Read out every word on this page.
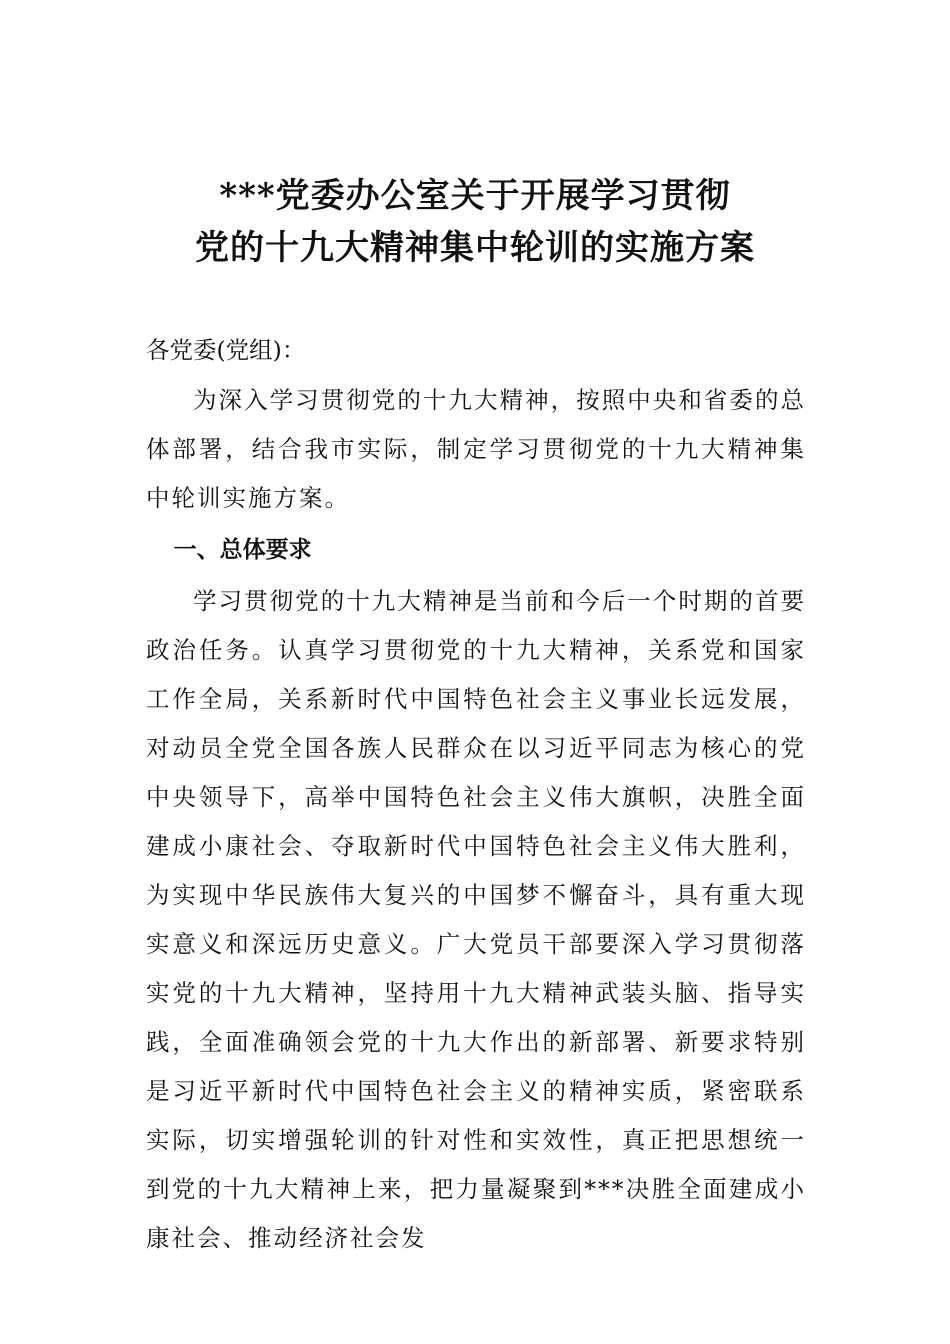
***党委办公室关于开展学习贯彻
党的十九大精神集中轮训的实施方案
各党委(党组)：
为深入学习贯彻党的十九大精神，按照中央和省委的总体部署，结合我市实际，制定学习贯彻党的十九大精神集中轮训实施方案。
一、总体要求
学习贯彻党的十九大精神是当前和今后一个时期的首要政治任务。认真学习贯彻党的十九大精神，关系党和国家工作全局，关系新时代中国特色社会主义事业长远发展，对动员全党全国各族人民群众在以习近平同志为核心的党中央领导下，高举中国特色社会主义伟大旗帜，决胜全面建成小康社会、夺取新时代中国特色社会主义伟大胜利，为实现中华民族伟大复兴的中国梦不懈奋斗，具有重大现实意义和深远历史意义。广大党员干部要深入学习贯彻落实党的十九大精神，坚持用十九大精神武装头脑、指导实践，全面准确领会党的十九大作出的新部署、新要求特别是习近平新时代中国特色社会主义的精神实质，紧密联系实际，切实增强轮训的针对性和实效性，真正把思想统一到党的十九大精神上来，把力量凝聚到***决胜全面建成小康社会、推动经济社会发
